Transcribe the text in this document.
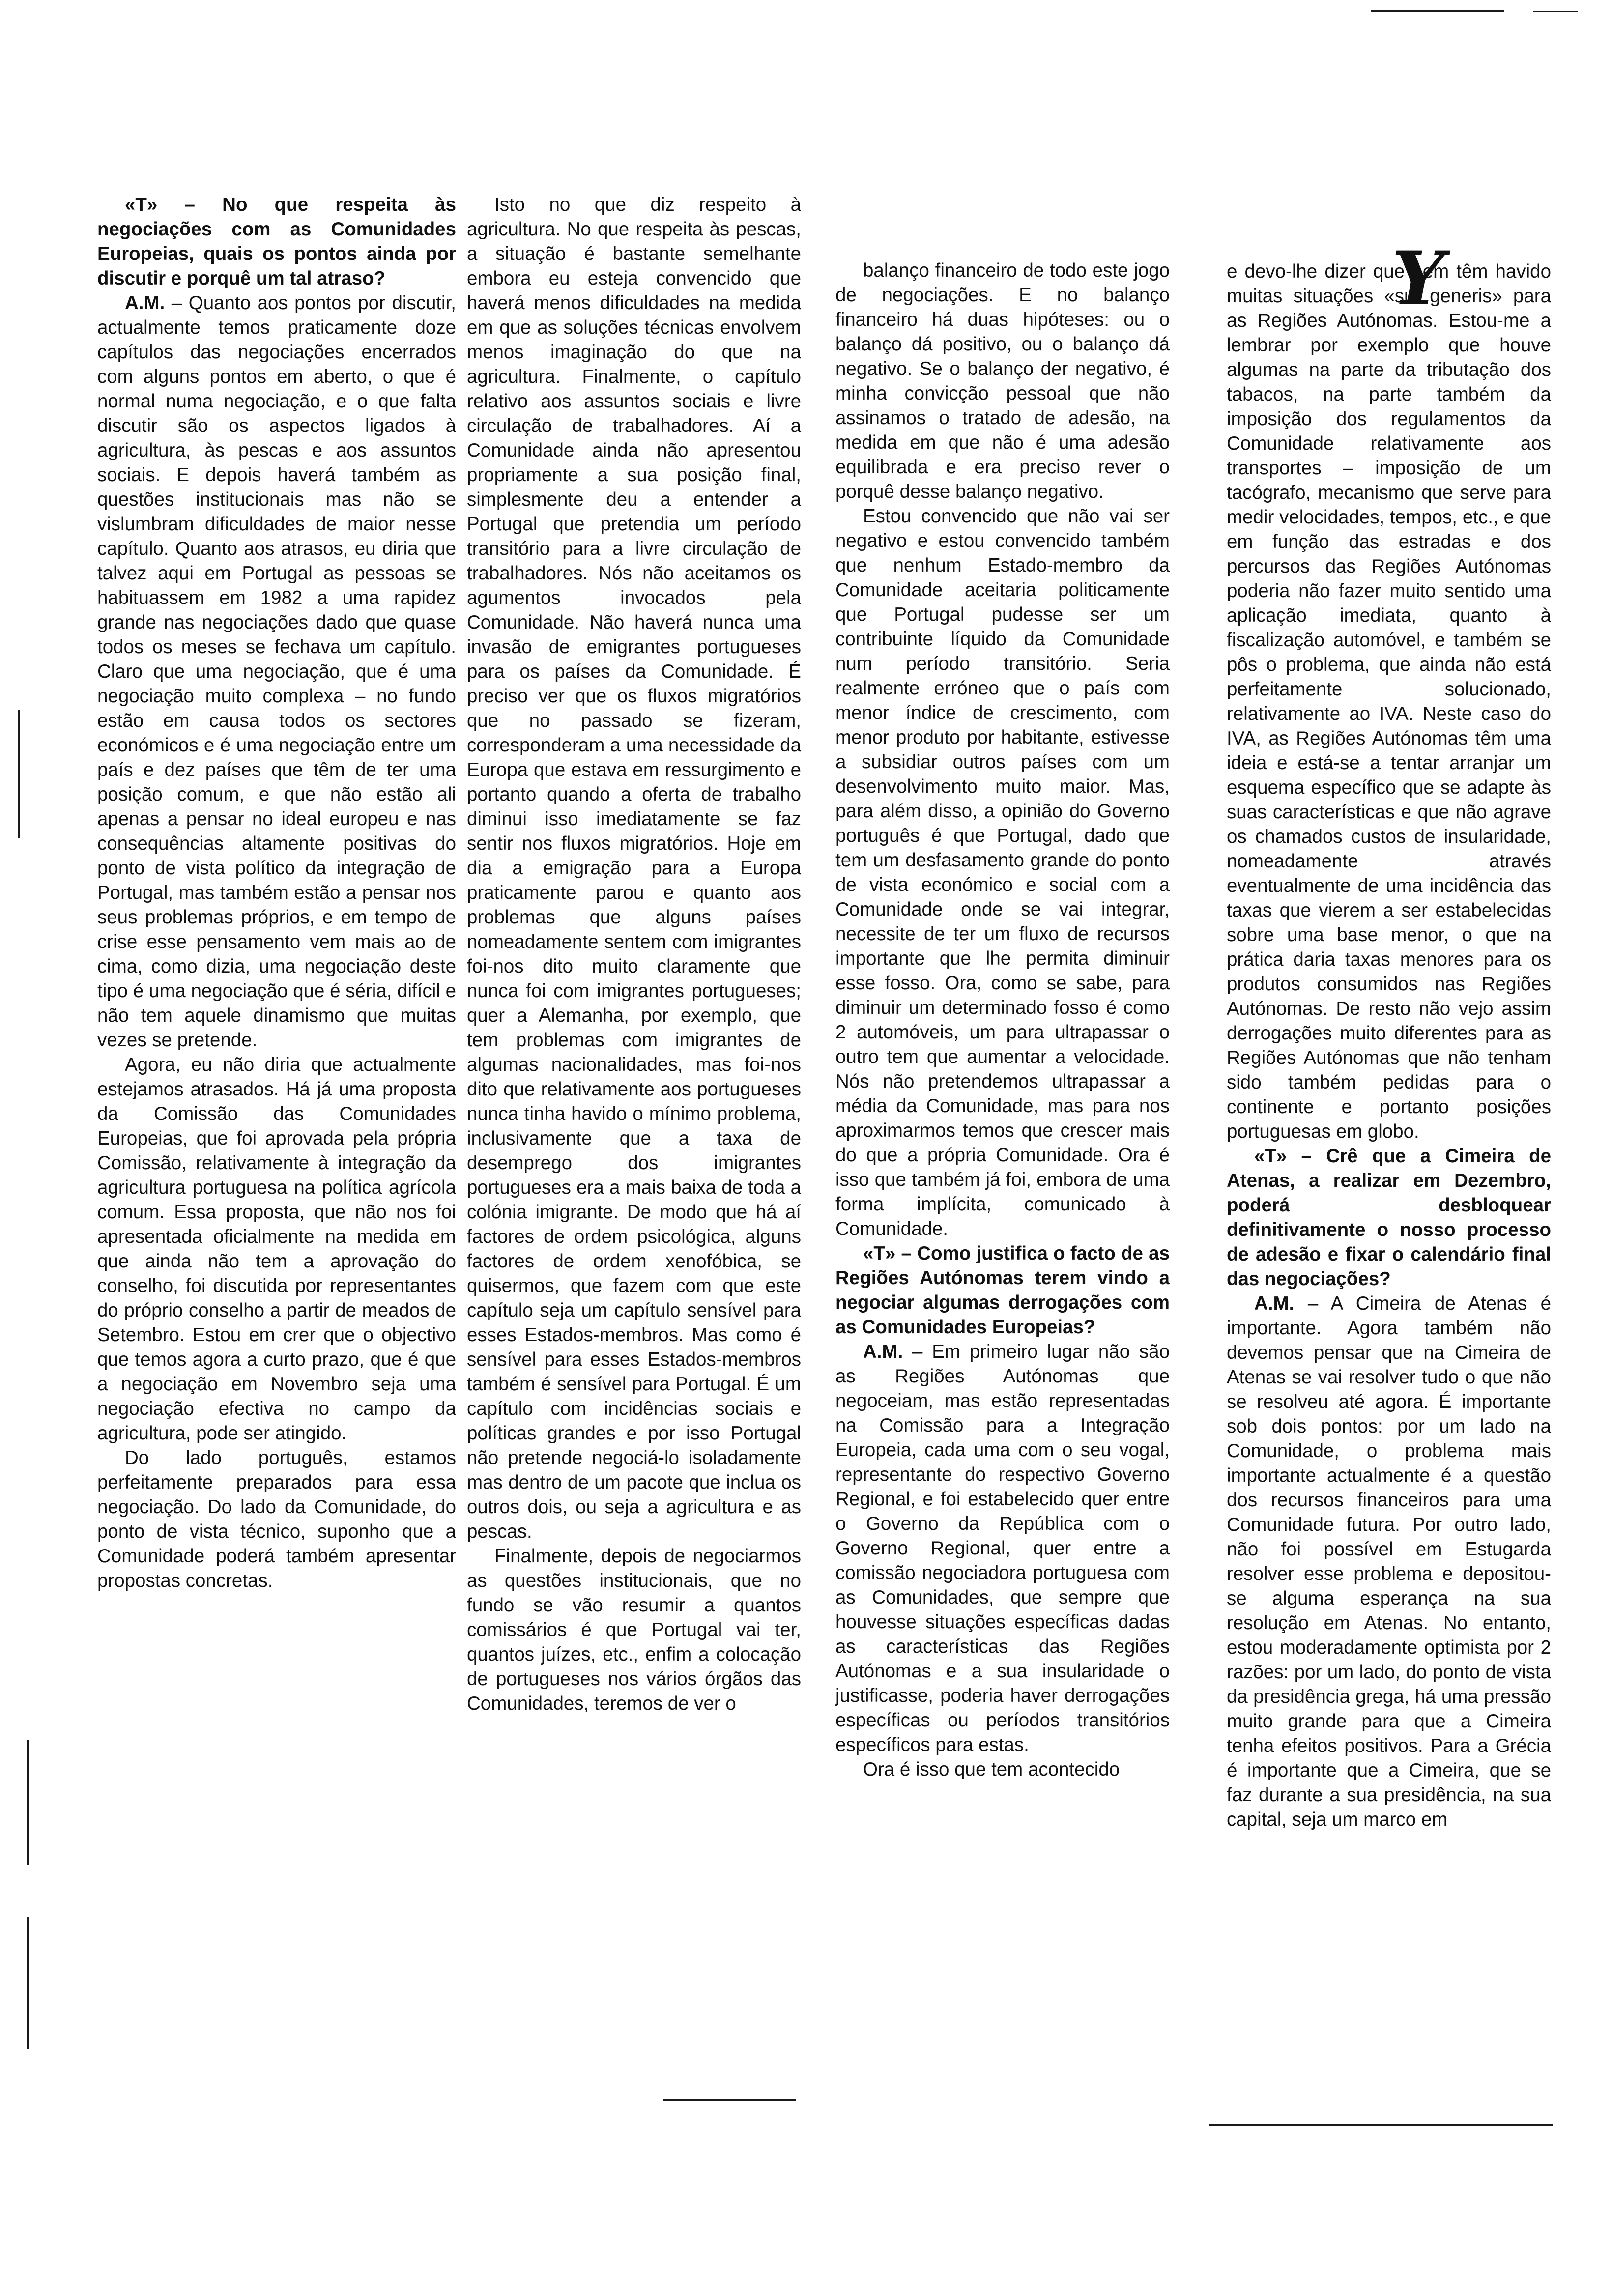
Y

«T» – No que respeita às negociações com as Comunidades Europeias, quais os pontos ainda por discutir e porquê um tal atraso?

A.M. – Quanto aos pontos por discutir, actualmente temos praticamente doze capítulos das negociações encerrados com alguns pontos em aberto, o que é normal numa negociação, e o que falta discutir são os aspectos ligados à agricultura, às pescas e aos assuntos sociais. E depois haverá também as questões institucionais mas não se vislumbram dificuldades de maior nesse capítulo. Quanto aos atrasos, eu diria que talvez aqui em Portugal as pessoas se habituassem em 1982 a uma rapidez grande nas negociações dado que quase todos os meses se fechava um capítulo. Claro que uma negociação, que é uma negociação muito complexa – no fundo estão em causa todos os sectores económicos e é uma negociação entre um país e dez países que têm de ter uma posição comum, e que não estão ali apenas a pensar no ideal europeu e nas consequências altamente positivas do ponto de vista político da integração de Portugal, mas também estão a pensar nos seus problemas próprios, e em tempo de crise esse pensamento vem mais ao de cima, como dizia, uma negociação deste tipo é uma negociação que é séria, difícil e não tem aquele dinamismo que muitas vezes se pretende.

Agora, eu não diria que actualmente estejamos atrasados. Há já uma proposta da Comissão das Comunidades Europeias, que foi aprovada pela própria Comissão, relativamente à integração da agricultura portuguesa na política agrícola comum. Essa proposta, que não nos foi apresentada oficialmente na medida em que ainda não tem a aprovação do conselho, foi discutida por representantes do próprio conselho a partir de meados de Setembro. Estou em crer que o objectivo que temos agora a curto prazo, que é que a negociação em Novembro seja uma negociação efectiva no campo da agricultura, pode ser atingido.

Do lado português, estamos perfeitamente preparados para essa negociação. Do lado da Comunidade, do ponto de vista técnico, suponho que a Comunidade poderá também apresentar propostas concretas.

Isto no que diz respeito à agricultura. No que respeita às pescas, a situação é bastante semelhante embora eu esteja convencido que haverá menos dificuldades na medida em que as soluções técnicas envolvem menos imaginação do que na agricultura. Finalmente, o capítulo relativo aos assuntos sociais e livre circulação de trabalhadores. Aí a Comunidade ainda não apresentou propriamente a sua posição final, simplesmente deu a entender a Portugal que pretendia um período transitório para a livre circulação de trabalhadores. Nós não aceitamos os agumentos invocados pela Comunidade. Não haverá nunca uma invasão de emigrantes portugueses para os países da Comunidade. É preciso ver que os fluxos migratórios que no passado se fizeram, corresponderam a uma necessidade da Europa que estava em ressurgimento e portanto quando a oferta de trabalho diminui isso imediatamente se faz sentir nos fluxos migratórios. Hoje em dia a emigração para a Europa praticamente parou e quanto aos problemas que alguns países nomeadamente sentem com imigrantes foi-nos dito muito claramente que nunca foi com imigrantes portugueses; quer a Alemanha, por exemplo, que tem problemas com imigrantes de algumas nacionalidades, mas foi-nos dito que relativamente aos portugueses nunca tinha havido o mínimo problema, inclusivamente que a taxa de desemprego dos imigrantes portugueses era a mais baixa de toda a colónia imigrante. De modo que há aí factores de ordem psicológica, alguns factores de ordem xenofóbica, se quisermos, que fazem com que este capítulo seja um capítulo sensível para esses Estados-membros. Mas como é sensível para esses Estados-membros também é sensível para Portugal. É um capítulo com incidências sociais e políticas grandes e por isso Portugal não pretende negociá-lo isoladamente mas dentro de um pacote que inclua os outros dois, ou seja a agricultura e as pescas.

Finalmente, depois de negociarmos as questões institucionais, que no fundo se vão resumir a quantos comissários é que Portugal vai ter, quantos juízes, etc., enfim a colocação de portugueses nos vários órgãos das Comunidades, teremos de ver o

balanço financeiro de todo este jogo de negociações. E no balanço financeiro há duas hipóteses: ou o balanço dá positivo, ou o balanço dá negativo. Se o balanço der negativo, é minha convicção pessoal que não assinamos o tratado de adesão, na medida em que não é uma adesão equilibrada e era preciso rever o porquê desse balanço negativo.

Estou convencido que não vai ser negativo e estou convencido também que nenhum Estado-membro da Comunidade aceitaria politicamente que Portugal pudesse ser um contribuinte líquido da Comunidade num período transitório. Seria realmente erróneo que o país com menor índice de crescimento, com menor produto por habitante, estivesse a subsidiar outros países com um desenvolvimento muito maior. Mas, para além disso, a opinião do Governo português é que Portugal, dado que tem um desfasamento grande do ponto de vista económico e social com a Comunidade onde se vai integrar, necessite de ter um fluxo de recursos importante que lhe permita diminuir esse fosso. Ora, como se sabe, para diminuir um determinado fosso é como 2 automóveis, um para ultrapassar o outro tem que aumentar a velocidade. Nós não pretendemos ultrapassar a média da Comunidade, mas para nos aproximarmos temos que crescer mais do que a própria Comunidade. Ora é isso que também já foi, embora de uma forma implícita, comunicado à Comunidade.

«T» – Como justifica o facto de as Regiões Autónomas terem vindo a negociar algumas derrogações com as Comunidades Europeias?

A.M. – Em primeiro lugar não são as Regiões Autónomas que negoceiam, mas estão representadas na Comissão para a Integração Europeia, cada uma com o seu vogal, representante do respectivo Governo Regional, e foi estabelecido quer entre o Governo da República com o Governo Regional, quer entre a comissão negociadora portuguesa com as Comunidades, que sempre que houvesse situações específicas dadas as características das Regiões Autónomas e a sua insularidade o justificasse, poderia haver derrogações específicas ou períodos transitórios específicos para estas.

Ora é isso que tem acontecido

e devo-lhe dizer que nem têm havido muitas situações «sui generis» para as Regiões Autónomas. Estou-me a lembrar por exemplo que houve algumas na parte da tributação dos tabacos, na parte também da imposição dos regulamentos da Comunidade relativamente aos transportes – imposição de um tacógrafo, mecanismo que serve para medir velocidades, tempos, etc., e que em função das estradas e dos percursos das Regiões Autónomas poderia não fazer muito sentido uma aplicação imediata, quanto à fiscalização automóvel, e também se pôs o problema, que ainda não está perfeitamente solucionado, relativamente ao IVA. Neste caso do IVA, as Regiões Autónomas têm uma ideia e está-se a tentar arranjar um esquema específico que se adapte às suas características e que não agrave os chamados custos de insularidade, nomeadamente através eventualmente de uma incidência das taxas que vierem a ser estabelecidas sobre uma base menor, o que na prática daria taxas menores para os produtos consumidos nas Regiões Autónomas. De resto não vejo assim derrogações muito diferentes para as Regiões Autónomas que não tenham sido também pedidas para o continente e portanto posições portuguesas em globo.

«T» – Crê que a Cimeira de Atenas, a realizar em Dezembro, poderá desbloquear definitivamente o nosso processo de adesão e fixar o calendário final das negociações?

A.M. – A Cimeira de Atenas é importante. Agora também não devemos pensar que na Cimeira de Atenas se vai resolver tudo o que não se resolveu até agora. É importante sob dois pontos: por um lado na Comunidade, o problema mais importante actualmente é a questão dos recursos financeiros para uma Comunidade futura. Por outro lado, não foi possível em Estugarda resolver esse problema e depositou-se alguma esperança na sua resolução em Atenas. No entanto, estou moderadamente optimista por 2 razões: por um lado, do ponto de vista da presidência grega, há uma pressão muito grande para que a Cimeira tenha efeitos positivos. Para a Grécia é importante que a Cimeira, que se faz durante a sua presidência, na sua capital, seja um marco em
